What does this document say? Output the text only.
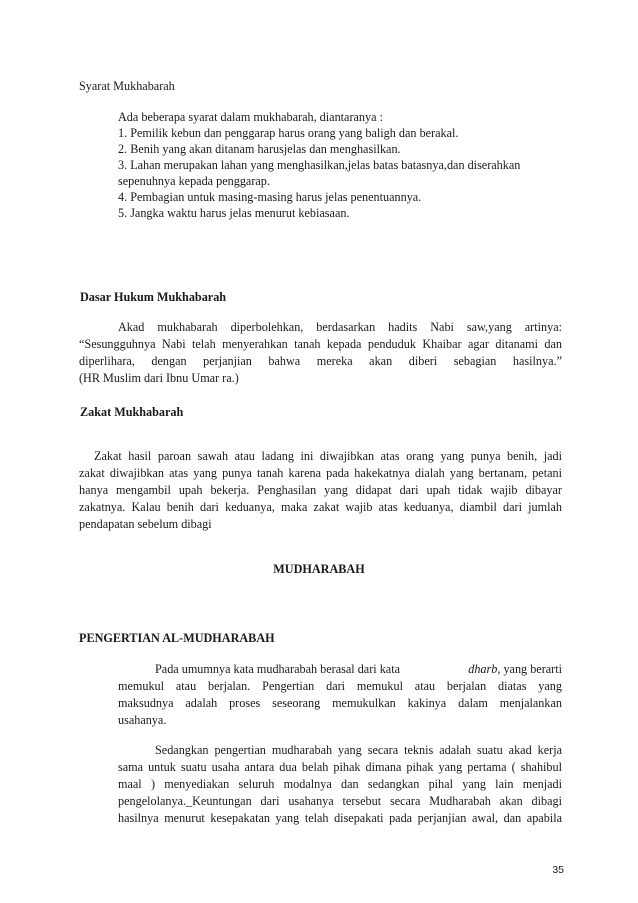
Syarat Mukhabarah
Ada beberapa syarat dalam mukhabarah, diantaranya :
1. Pemilik kebun dan penggarap harus orang yang baligh dan berakal.
2. Benih yang akan ditanam harusjelas dan menghasilkan.
3. Lahan merupakan lahan yang menghasilkan,jelas batas batasnya,dan diserahkan
sepenuhnya kepada penggarap.
4. Pembagian untuk masing-masing harus jelas penentuannya.
5. Jangka waktu harus jelas menurut kebiasaan.
Dasar Hukum Mukhabarah
Akad mukhabarah diperbolehkan, berdasarkan hadits Nabi saw,yang artinya:
“Sesungguhnya Nabi telah menyerahkan tanah kepada penduduk Khaibar agar ditanami dan
diperlihara, dengan perjanjian bahwa mereka akan diberi sebagian hasilnya.”
(HR Muslim dari Ibnu Umar ra.)
Zakat Mukhabarah
Zakat hasil paroan sawah atau ladang ini diwajibkan atas orang yang punya benih, jadi
zakat diwajibkan atas yang punya tanah karena pada hakekatnya dialah yang bertanam, petani
hanya mengambil upah bekerja. Penghasilan yang didapat dari upah tidak wajib dibayar
zakatnya. Kalau benih dari keduanya, maka zakat wajib atas keduanya, diambil dari jumlah
pendapatan sebelum dibagi
MUDHARABAH
PENGERTIAN AL-MUDHARABAH
Pada umumnya kata mudharabah berasal dari kata	dharb, yang berarti
memukul atau berjalan. Pengertian dari memukul atau berjalan diatas yang
maksudnya adalah proses seseorang memukulkan kakinya dalam menjalankan
usahanya.
Sedangkan pengertian mudharabah yang secara teknis adalah suatu akad kerja
sama untuk suatu usaha antara dua belah pihak dimana pihak yang pertama ( shahibul
maal ) menyediakan seluruh modalnya dan sedangkan pihal yang lain menjadi
pengelolanya._Keuntungan dari usahanya tersebut secara Mudharabah akan dibagi
hasilnya menurut kesepakatan yang telah disepakati pada perjanjian awal, dan apabila
35
